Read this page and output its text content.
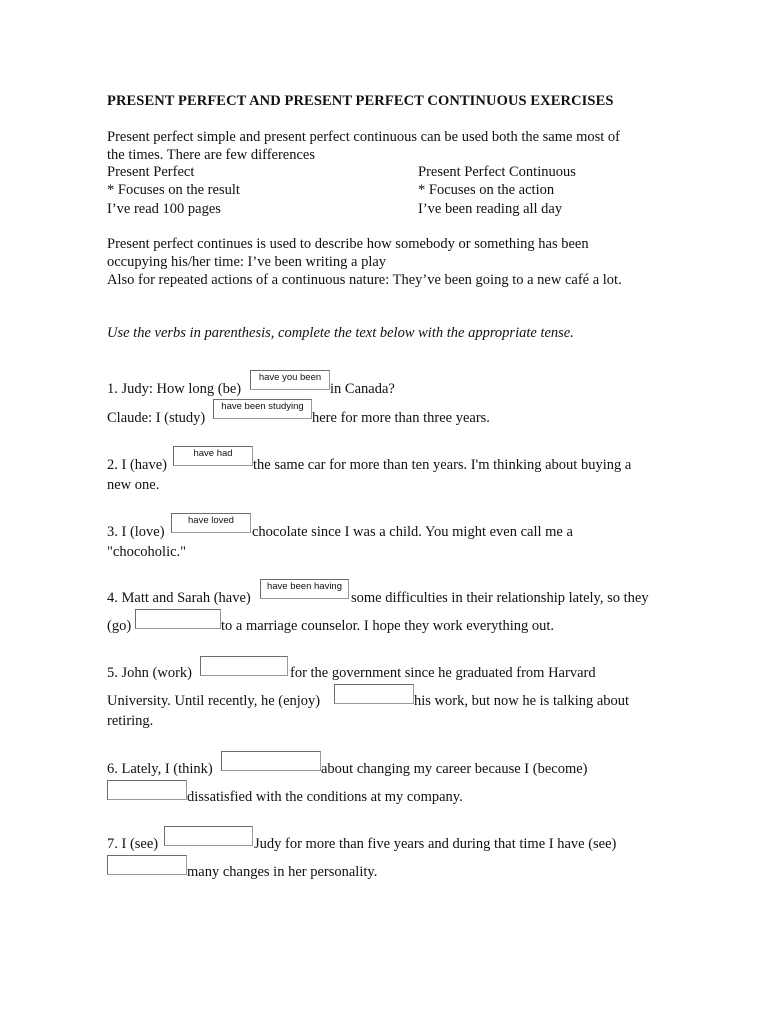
PRESENT PERFECT AND PRESENT PERFECT CONTINUOUS EXERCISES
Present perfect simple and present perfect continuous can be used both the same most of
the times. There are few differences
Present Perfect	Present Perfect Continuous
* Focuses on the result	* Focuses on the action
I’ve read 100 pages	I’ve been reading all day
Present perfect continues is used to describe how somebody or something has been
occupying his/her time: I’ve been writing a play
Also for repeated actions of a continuous nature: They’ve been going to a new café a lot.
Use the verbs in parenthesis, complete the text below with the appropriate tense.
1. Judy: How long (be)
have you been
in Canada?
Claude: I (study)
have been studying
here for more than three years.
2. I (have)
have had
the same car for more than ten years. I'm thinking about buying a
new one.
3. I (love)
have loved
chocolate since I was a child. You might even call me a
"chocoholic."
4. Matt and Sarah (have)
have been having
some difficulties in their relationship lately, so they
(go)	to a marriage counselor. I hope they work everything out.
5. John (work)	for the government since he graduated from Harvard
University. Until recently, he (enjoy)	his work, but now he is talking about
retiring.
6. Lately, I (think)	about changing my career because I (become)
dissatisfied with the conditions at my company.
7. I (see)	Judy for more than five years and during that time I have (see)
many changes in her personality.
